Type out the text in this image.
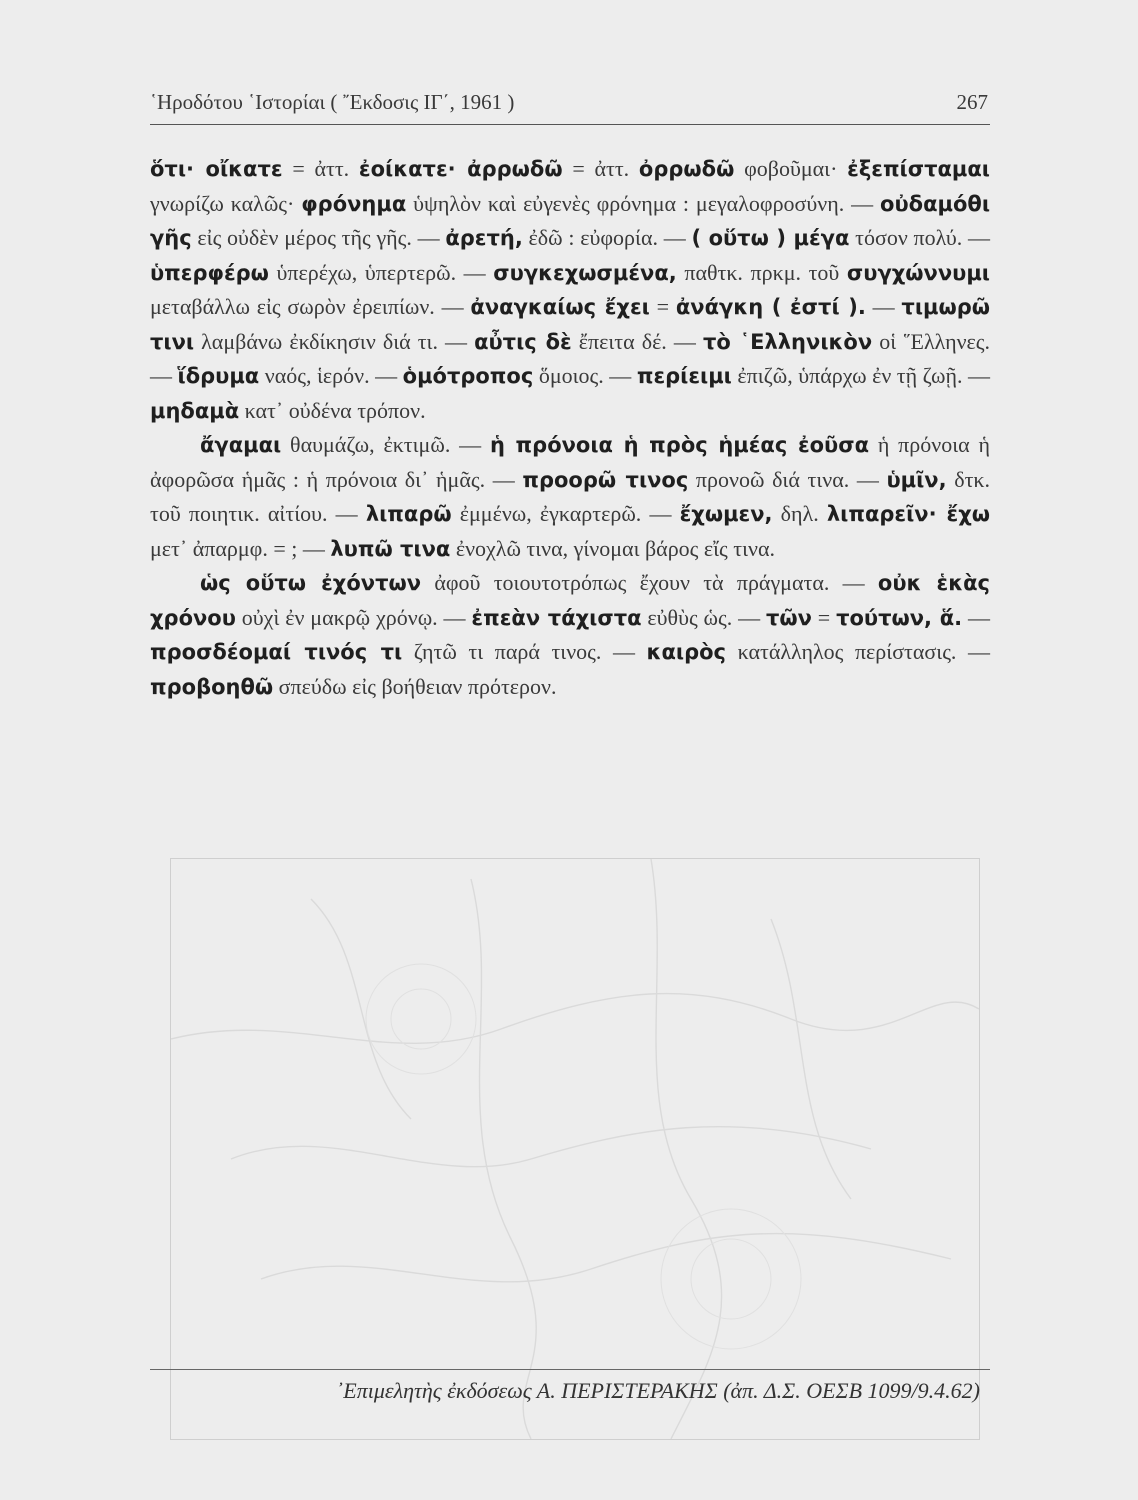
῾Ηροδότου ῾Ιστορίαι ( ῎Εκδοσις ΙΓ΄, 1961 )	267

ὅτι· οἴκατε = ἀττ. ἐοίκατε· ἀρρωδῶ = ἀττ. ὀρρωδῶ φοβοῦμαι· ἐξεπίσταμαι γνωρίζω καλῶς· φρόνημα ὑψηλὸν καὶ εὐγενὲς φρόνημα : μεγαλοφροσύνη. — οὐδαμόθι γῆς εἰς οὐδὲν μέρος τῆς γῆς. — ἀρετή, ἐδῶ : εὐφορία. — ( οὕτω ) μέγα τόσον πολύ. — ὑπερφέρω ὑπερέχω, ὑπερτερῶ. — συγκεχωσμένα, παθτκ. πρκμ. τοῦ συγχώννυμι μεταβάλλω εἰς σωρὸν ἐρειπίων. — ἀναγκαίως ἔχει = ἀνάγκη ( ἐστί ). — τιμωρῶ τινι λαμβάνω ἐκδίκησιν διά τι. — αὖτις δὲ ἔπειτα δέ. — τὸ ῾Ελληνικὸν οἱ ῞Ελληνες. — ἵδρυμα ναός, ἱερόν. — ὁμότροπος ὅμοιος. — περίειμι ἐπιζῶ, ὑπάρχω ἐν τῇ ζωῇ. — μηδαμὰ κατ᾽ οὐδένα τρόπον.

ἄγαμαι θαυμάζω, ἐκτιμῶ. — ἡ πρόνοια ἡ πρὸς ἡμέας ἐοῦσα ἡ πρόνοια ἡ ἀφορῶσα ἡμᾶς : ἡ πρόνοια δι᾽ ἡμᾶς. — προορῶ τινος προνοῶ διά τινα. — ὑμῖν, δτκ. τοῦ ποιητικ. αἰτίου. — λιπαρῶ ἐμμένω, ἐγκαρτερῶ. — ἔχωμεν, δηλ. λιπαρεῖν· ἔχω μετ᾽ ἀπαρμφ. = ; — λυπῶ τινα ἐνοχλῶ τινα, γίνομαι βάρος εἴς τινα.

ὡς οὕτω ἐχόντων ἀφοῦ τοιουτοτρόπως ἔχουν τὰ πράγματα. — οὐκ ἑκὰς χρόνου οὐχὶ ἐν μακρῷ χρόνῳ. — ἐπεὰν τάχιστα εὐθὺς ὡς. — τῶν = τούτων, ἅ. — προσδέομαί τινός τι ζητῶ τι παρά τινος. — καιρὸς κατάλληλος περίστασις. — προβοηθῶ σπεύδω εἰς βοήθειαν πρότερον.

᾿Επιμελητὴς ἐκδόσεως Α. ΠΕΡΙΣΤΕΡΑΚΗΣ (ἀπ. Δ.Σ. ΟΕΣΒ 1099/9.4.62)
